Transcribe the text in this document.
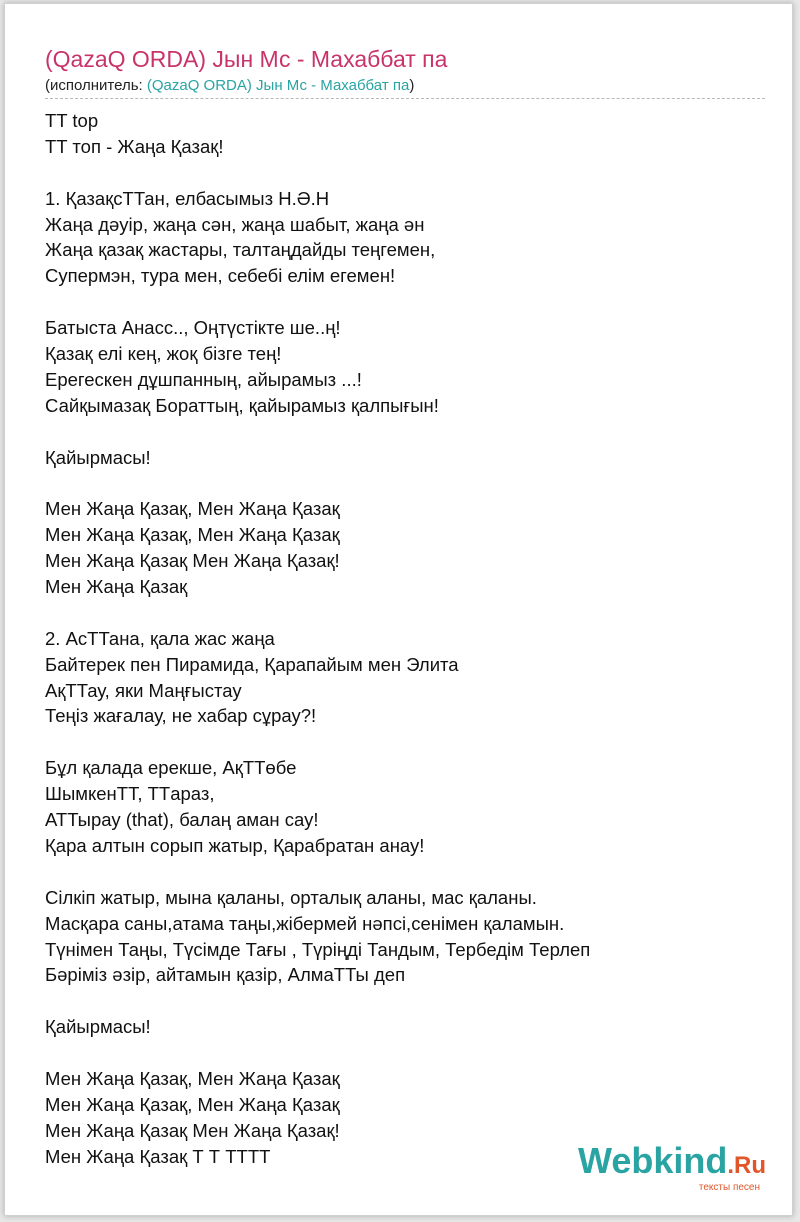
(QazaQ ORDA) Jын Мс - Махаббат па
(исполнитель: (QazaQ ORDA) Jын Мс - Махаббат па)
TT top
TT топ - Жаңа Қазақ!
1. ҚазақсТТан, елбасымыз Н.Ә.Н
Жаңа дәуір, жаңа сән, жаңа шабыт, жаңа ән
Жаңа қазақ жастары, талтаңдайды теңгемен,
Супермэн, тура мен, себебі елім егемен!
Батыста Анасс.., Оңтүстікте ше..ң!
Қазақ елі кең, жоқ бізге тең!
Ерегескен дұшпанның, айырамыз ...!
Сайқымазақ Бораттың, қайырамыз қалпығын!
Қайырмасы!
Мен Жаңа Қазақ, Мен Жаңа Қазақ
Мен Жаңа Қазақ, Мен Жаңа Қазақ
Мен Жаңа Қазақ Мен Жаңа Қазақ!
Мен Жаңа Қазақ
2. АсТТана, қала жас жаңа
Байтерек пен Пирамида, Қарапайым мен Элита
АқТТау, яки Маңғыстау
Теңіз жағалау, не хабар сұрау?!
Бұл қалада ерекше, АқТТөбе
ШымкенТТ, TTараз,
АТТырау (that), балаң аман сау!
Қара алтын сорып жатыр, Қарабратан анау!
Сілкіп жатыр, мына қаланы, орталық аланы, мас қаланы.
Масқара саны,атама таңы,жібермей нәпсі,сенімен қаламын.
Түнімен Таңы, Түсімде Тағы , Түріңді Тандым, Тербедім Терлеп
Бәріміз әзір, айтамын қазір, АлмаТТы деп
Қайырмасы!
Мен Жаңа Қазақ, Мен Жаңа Қазақ
Мен Жаңа Қазақ, Мен Жаңа Қазақ
Мен Жаңа Қазақ Мен Жаңа Қазақ!
Мен Жаңа Қазақ Т Т ТТТТ	Webkind.Ru
тексты песен
